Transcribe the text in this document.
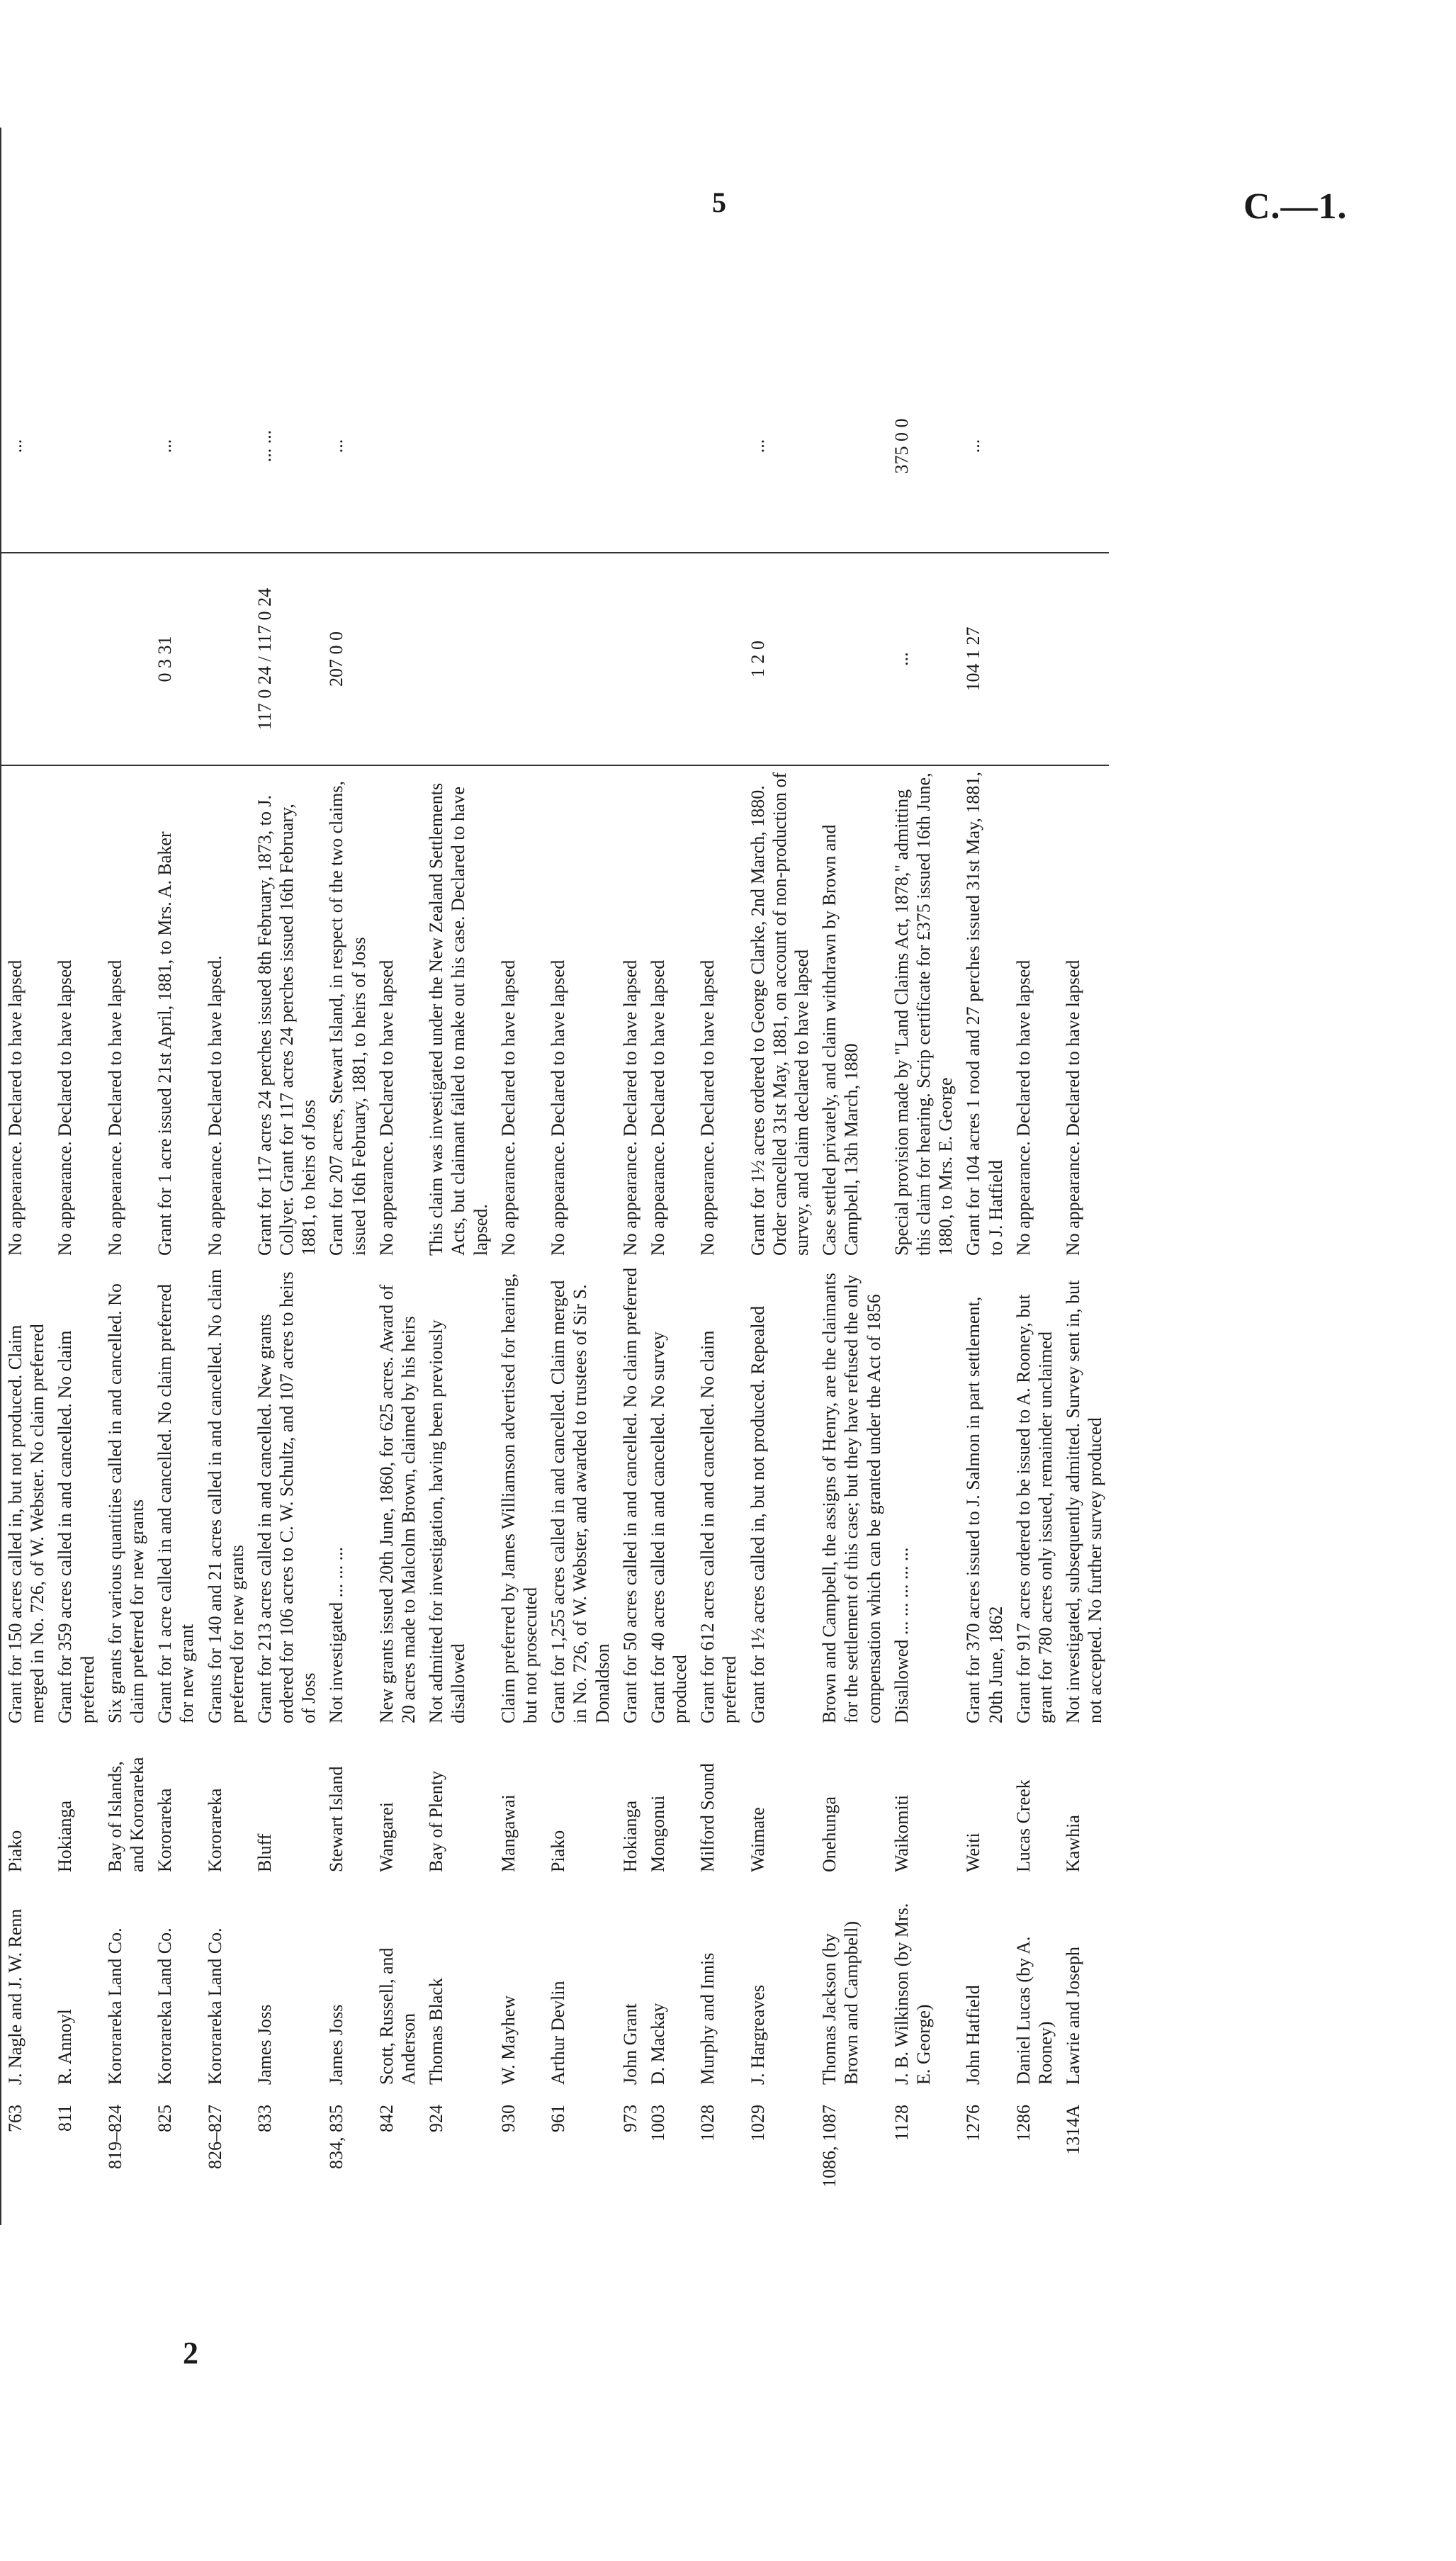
5	C.—1.
2
763	J. Nagle and J. W. Renn	Piako	Grant for 150 acres called in, but not produced. Claim merged in No. 726, of W. Webster. No claim preferred	No appearance. Declared to have lapsed		...	
811	R. Annoyl	Hokianga	Grant for 359 acres called in and cancelled. No claim preferred	No appearance. Declared to have lapsed			
819–824	Kororareka Land Co.	Bay of Islands, and Kororareka	Six grants for various quantities called in and cancelled. No claim preferred for new grants	No appearance. Declared to have lapsed			
825	Kororareka Land Co.	Kororareka	Grant for 1 acre called in and cancelled. No claim preferred for new grant	Grant for 1 acre issued 21st April, 1881, to Mrs. A. Baker	0 3 31	...	
826–827	Kororareka Land Co.	Kororareka	Grants for 140 and 21 acres called in and cancelled. No claim preferred for new grants	No appearance. Declared to have lapsed.			
833	James Joss	Bluff	Grant for 213 acres called in and cancelled. New grants ordered for 106 acres to C. W. Schultz, and 107 acres to heirs of Joss	Grant for 117 acres 24 perches issued 8th February, 1873, to J. Collyer. Grant for 117 acres 24 perches issued 16th February, 1881, to heirs of Joss	117 0 24 / 117 0 24	... ...	
834, 835	James Joss	Stewart Island	Not investigated ... ... ...	Grant for 207 acres, Stewart Island, in respect of the two claims, issued 16th February, 1881, to heirs of Joss	207 0 0	...	
842	Scott, Russell, and Anderson	Wangarei	New grants issued 20th June, 1860, for 625 acres. Award of 20 acres made to Malcolm Brown, claimed by his heirs	No appearance. Declared to have lapsed			
924	Thomas Black	Bay of Plenty	Not admitted for investigation, having been previously disallowed	This claim was investigated under the New Zealand Settlements Acts, but claimant failed to make out his case. Declared to have lapsed.			
930	W. Mayhew	Mangawai	Claim preferred by James Williamson advertised for hearing, but not prosecuted	No appearance. Declared to have lapsed			
961	Arthur Devlin	Piako	Grant for 1,255 acres called in and cancelled. Claim merged in No. 726, of W. Webster, and awarded to trustees of Sir S. Donaldson	No appearance. Declared to have lapsed			
973	John Grant	Hokianga	Grant for 50 acres called in and cancelled. No claim preferred	No appearance. Declared to have lapsed			
1003	D. Mackay	Mongonui	Grant for 40 acres called in and cancelled. No survey produced	No appearance. Declared to have lapsed			
1028	Murphy and Innis	Milford Sound	Grant for 612 acres called in and cancelled. No claim preferred	No appearance. Declared to have lapsed			
1029	J. Hargreaves	Waimate	Grant for 1½ acres called in, but not produced. Repealed	Grant for 1½ acres ordered to George Clarke, 2nd March, 1880. Order cancelled 31st May, 1881, on account of non-production of survey, and claim declared to have lapsed	1 2 0	...	
1086, 1087	Thomas Jackson (by Brown and Campbell)	Onehunga	Brown and Campbell, the assigns of Henry, are the claimants for the settlement of this case; but they have refused the only compensation which can be granted under the Act of 1856	Case settled privately, and claim withdrawn by Brown and Campbell, 13th March, 1880			
1128	J. B. Wilkinson (by Mrs. E. George)	Waikomiti	Disallowed ... ... ... ... ...	Special provision made by "Land Claims Act, 1878," admitting this claim for hearing. Scrip certificate for £375 issued 16th June, 1880, to Mrs. E. George	...	375 0 0	
1276	John Hatfield	Weiti	Grant for 370 acres issued to J. Salmon in part settlement, 20th June, 1862	Grant for 104 acres 1 rood and 27 perches issued 31st May, 1881, to J. Hatfield	104 1 27	...	
1286	Daniel Lucas (by A. Rooney)	Lucas Creek	Grant for 917 acres ordered to be issued to A. Rooney, but grant for 780 acres only issued, remainder unclaimed	No appearance. Declared to have lapsed			
1314A	Lawrie and Joseph	Kawhia	Not investigated, subsequently admitted. Survey sent in, but not accepted. No further survey produced	No appearance. Declared to have lapsed			
